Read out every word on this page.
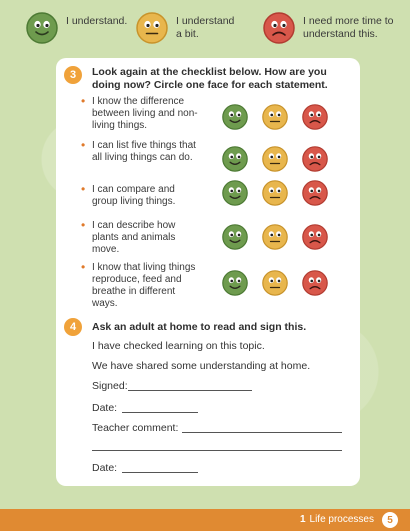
I understand.	I understand a bit.
I need more time to understand this.
3	Look again at the checklist below. How are you doing now? Circle one face for each statement.
• I know the difference between living and non-living things.
• I can list five things that all living things can do.
• I can compare and group living things.
• I can describe how plants and animals move.
• I know that living things reproduce, feed and breathe in different ways.
4	Ask an adult at home to read and sign this.
I have checked learning on this topic.
We have shared some understanding at home.
Signed:
Date:
Teacher comment:
Date:
1 Life processes	5
